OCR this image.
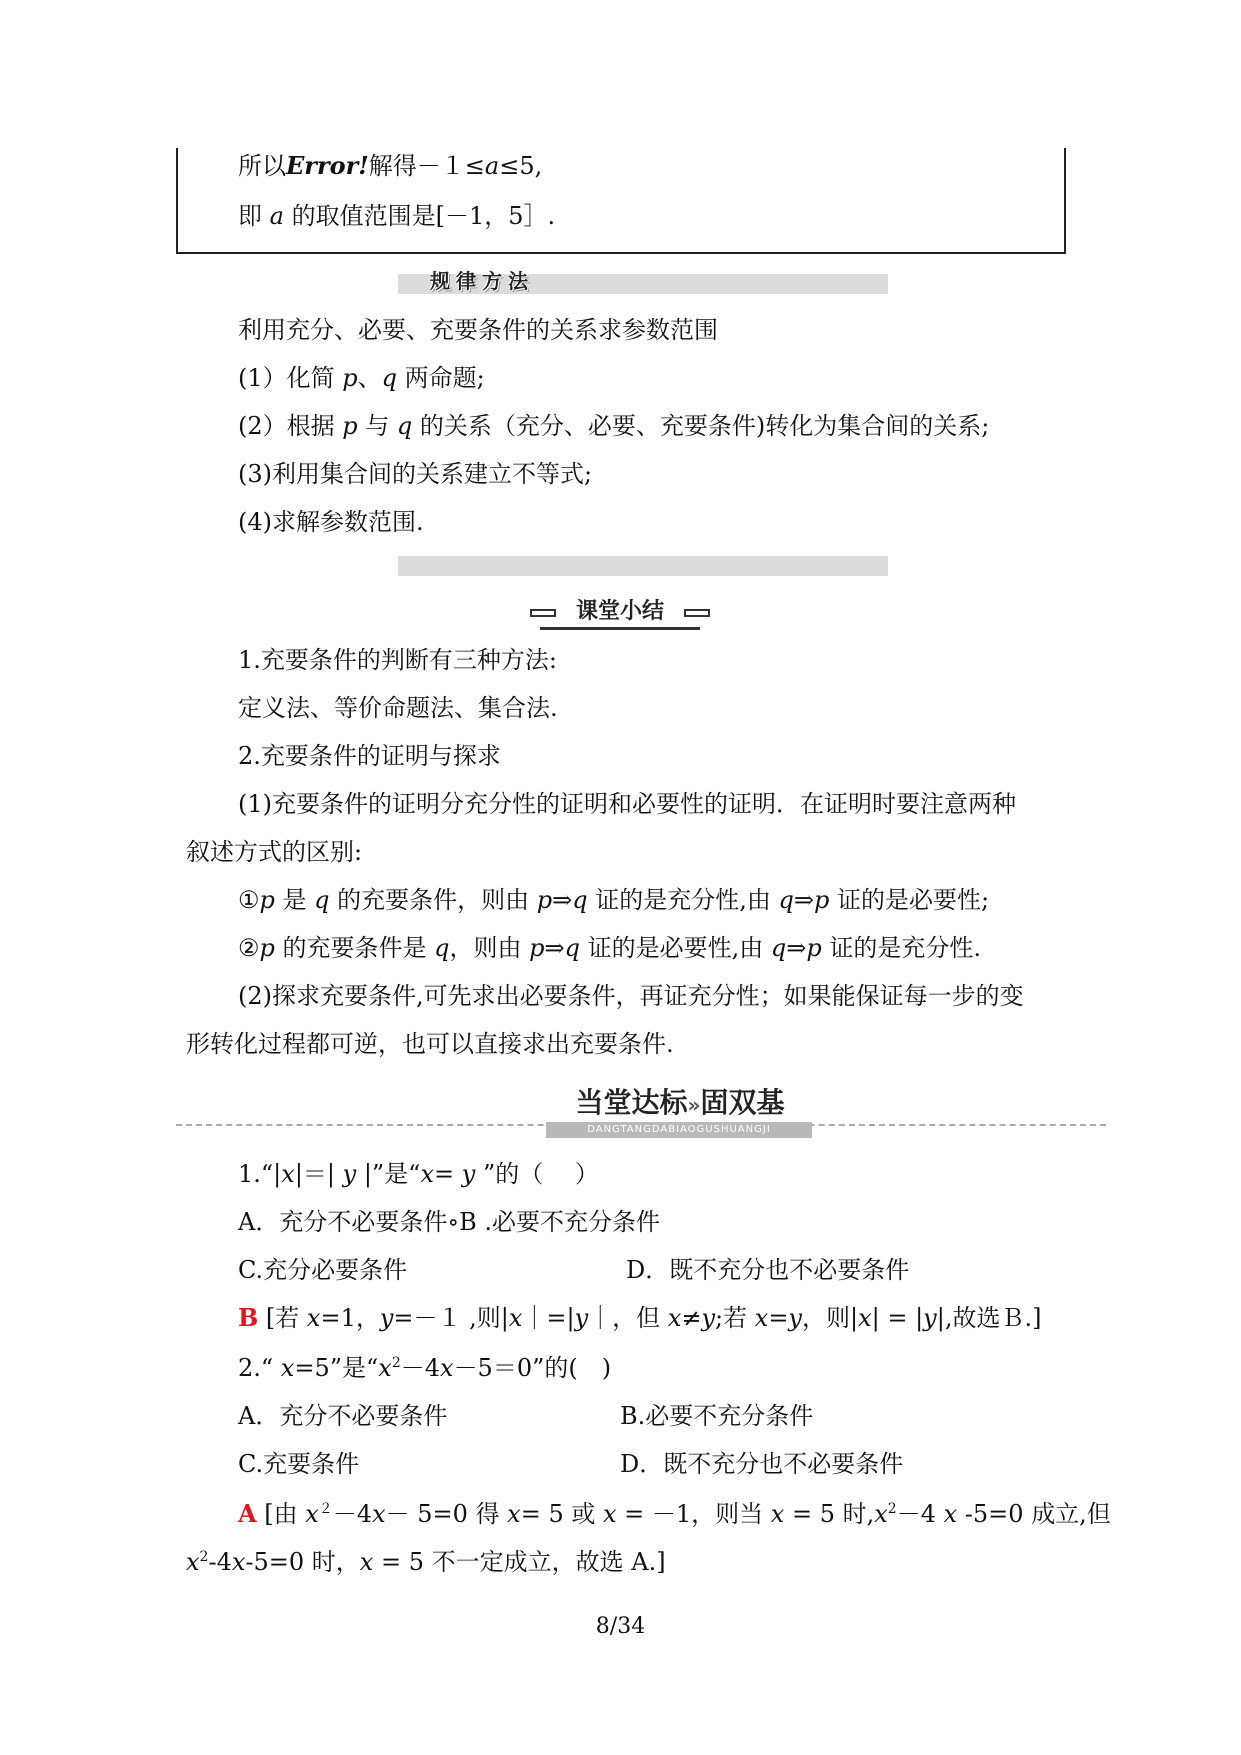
所以Error!解得－１≤a≤5,
即 a 的取值范围是[－1，5］.
规律方法
利用充分、必要、充要条件的关系求参数范围
(1）化简 p、q 两命题;
(2）根据 p 与 q 的关系（充分、必要、充要条件)转化为集合间的关系;
(3)利用集合间的关系建立不等式;
(4)求解参数范围.
课堂小结
1.充要条件的判断有三种方法:
定义法、等价命题法、集合法.
2.充要条件的证明与探求
(1)充要条件的证明分充分性的证明和必要性的证明．在证明时要注意两种
叙述方式的区别:
①p 是 q 的充要条件，则由 p⇒q 证的是充分性,由 q⇒p 证的是必要性;
②p 的充要条件是 q，则由 p⇒q 证的是必要性,由 q⇒p 证的是充分性.
(2)探求充要条件,可先求出必要条件，再证充分性；如果能保证每一步的变
形转化过程都可逆，也可以直接求出充要条件.
当堂达标»固双基
DANGTANGDABIAOGUSHUANGJI
1.“|x|＝| y |”是“x= y ”的（　 ）
A．充分不必要条件∘B .必要不充分条件
C.充分必要条件	D．既不充分也不必要条件
B [若 x=1，y=－１ ,则|x｜=|y｜，但 x≠y;若 x=y，则|x| = |y|,故选Ｂ.]
2.“ x=5”是“$x^2-4x-5=0$”的(　)
A．充分不必要条件	B.必要不充分条件
C.充要条件	D．既不充分也不必要条件
A [由 $x^2-4x- 5=0$ 得 x= 5 或 x = －1，则当 x = 5 时$,x^2-4$ x -5=0 成立,但
$x^2-4x-5=0$ 时，x = 5 不一定成立，故选 A.]
8/34
